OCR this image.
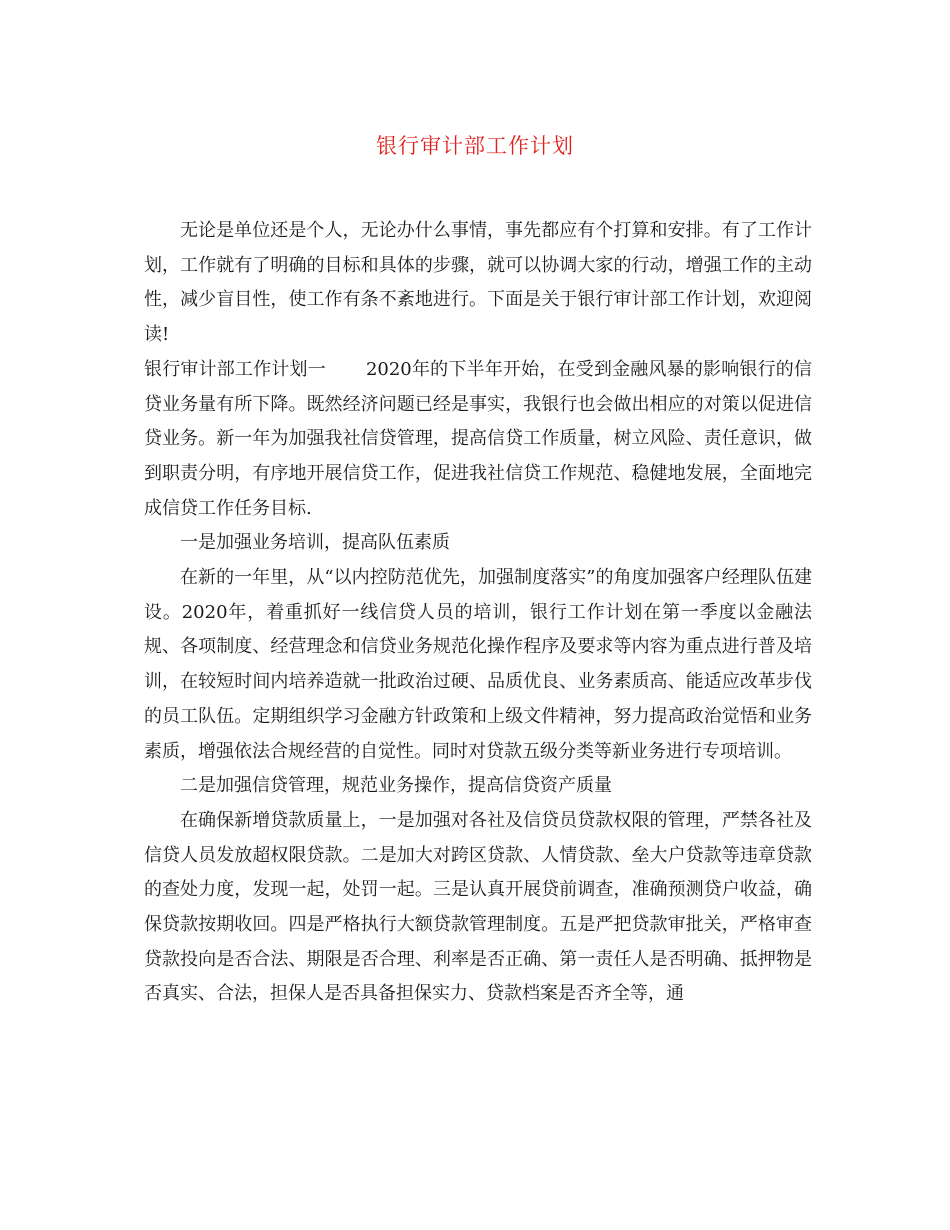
银行审计部工作计划

无论是单位还是个人，无论办什么事情，事先都应有个打算和安排。有了工作计划，工作就有了明确的目标和具体的步骤，就可以协调大家的行动，增强工作的主动性，减少盲目性，使工作有条不紊地进行。下面是关于银行审计部工作计划，欢迎阅读!

银行审计部工作计划一 2020年的下半年开始，在受到金融风暴的影响银行的信贷业务量有所下降。既然经济问题已经是事实，我银行也会做出相应的对策以促进信贷业务。新一年为加强我社信贷管理，提高信贷工作质量，树立风险、责任意识，做到职责分明，有序地开展信贷工作，促进我社信贷工作规范、稳健地发展，全面地完成信贷工作任务目标.

一是加强业务培训，提高队伍素质

在新的一年里，从“以内控防范优先，加强制度落实”的角度加强客户经理队伍建设。2020年，着重抓好一线信贷人员的培训，银行工作计划在第一季度以金融法规、各项制度、经营理念和信贷业务规范化操作程序及要求等内容为重点进行普及培训，在较短时间内培养造就一批政治过硬、品质优良、业务素质高、能适应改革步伐的员工队伍。定期组织学习金融方针政策和上级文件精神，努力提高政治觉悟和业务素质，增强依法合规经营的自觉性。同时对贷款五级分类等新业务进行专项培训。

二是加强信贷管理，规范业务操作，提高信贷资产质量

在确保新增贷款质量上，一是加强对各社及信贷员贷款权限的管理，严禁各社及信贷人员发放超权限贷款。二是加大对跨区贷款、人情贷款、垒大户贷款等违章贷款的查处力度，发现一起，处罚一起。三是认真开展贷前调查，准确预测贷户收益，确保贷款按期收回。四是严格执行大额贷款管理制度。五是严把贷款审批关，严格审查贷款投向是否合法、期限是否合理、利率是否正确、第一责任人是否明确、抵押物是否真实、合法，担保人是否具备担保实力、贷款档案是否齐全等，通
